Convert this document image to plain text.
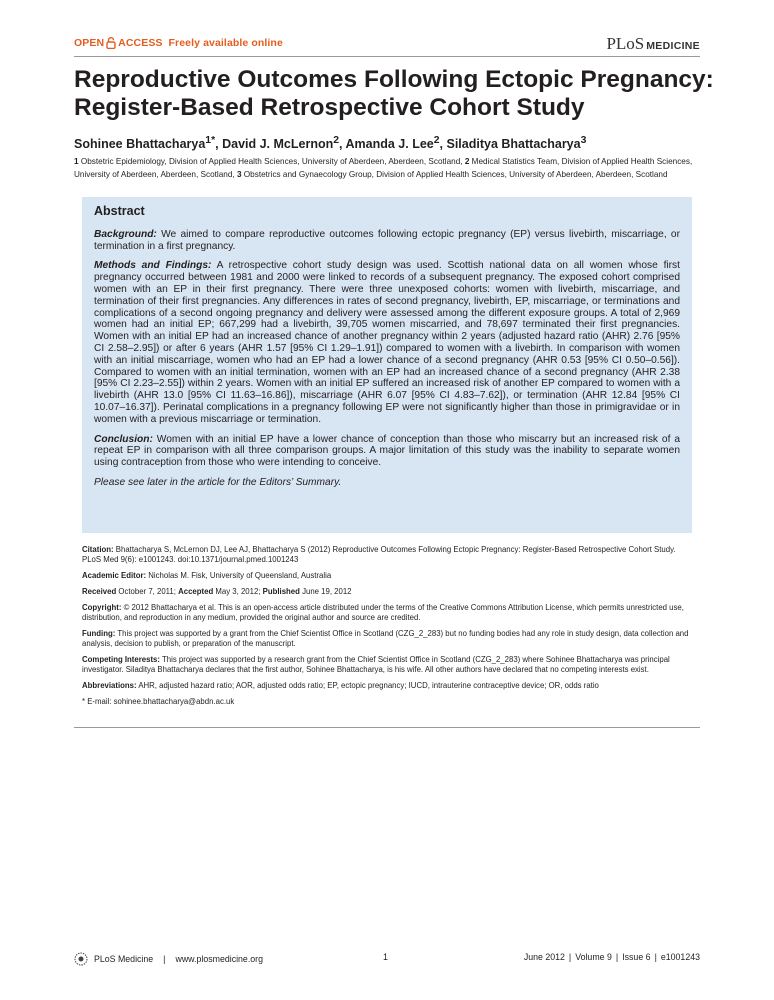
OPEN ACCESS Freely available online	PLoS MEDICINE
Reproductive Outcomes Following Ectopic Pregnancy:
Register-Based Retrospective Cohort Study

Sohinee Bhattacharya$^{1*}$, David J. McLernon$^2$, Amanda J. Lee$^2$, Siladitya Bhattacharya$^3$

1 Obstetric Epidemiology, Division of Applied Health Sciences, University of Aberdeen, Aberdeen, Scotland, 2 Medical Statistics Team, Division of Applied Health Sciences, University of Aberdeen, Aberdeen, Scotland, 3 Obstetrics and Gynaecology Group, Division of Applied Health Sciences, University of Aberdeen, Aberdeen, Scotland

Abstract

Background: We aimed to compare reproductive outcomes following ectopic pregnancy (EP) versus livebirth, miscarriage, or termination in a first pregnancy.

Methods and Findings: A retrospective cohort study design was used. Scottish national data on all women whose first pregnancy occurred between 1981 and 2000 were linked to records of a subsequent pregnancy. The exposed cohort comprised women with an EP in their first pregnancy. There were three unexposed cohorts: women with livebirth, miscarriage, and termination of their first pregnancies. Any differences in rates of second pregnancy, livebirth, EP, miscarriage, or terminations and complications of a second ongoing pregnancy and delivery were assessed among the different exposure groups. A total of 2,969 women had an initial EP; 667,299 had a livebirth, 39,705 women miscarried, and 78,697 terminated their first pregnancies. Women with an initial EP had an increased chance of another pregnancy within 2 years (adjusted hazard ratio (AHR) 2.76 [95% CI 2.58–2.95]) or after 6 years (AHR 1.57 [95% CI 1.29–1.91]) compared to women with a livebirth. In comparison with women with an initial miscarriage, women who had an EP had a lower chance of a second pregnancy (AHR 0.53 [95% CI 0.50–0.56]). Compared to women with an initial termination, women with an EP had an increased chance of a second pregnancy (AHR 2.38 [95% CI 2.23–2.55]) within 2 years. Women with an initial EP suffered an increased risk of another EP compared to women with a livebirth (AHR 13.0 [95% CI 11.63–16.86]), miscarriage (AHR 6.07 [95% CI 4.83–7.62]), or termination (AHR 12.84 [95% CI 10.07–16.37]). Perinatal complications in a pregnancy following EP were not significantly higher than those in primigravidae or in women with a previous miscarriage or termination.

Conclusion: Women with an initial EP have a lower chance of conception than those who miscarry but an increased risk of a repeat EP in comparison with all three comparison groups. A major limitation of this study was the inability to separate women using contraception from those who were intending to conceive.

Please see later in the article for the Editors’ Summary.

Citation: Bhattacharya S, McLernon DJ, Lee AJ, Bhattacharya S (2012) Reproductive Outcomes Following Ectopic Pregnancy: Register-Based Retrospective Cohort Study. PLoS Med 9(6): e1001243. doi:10.1371/journal.pmed.1001243

Academic Editor: Nicholas M. Fisk, University of Queensland, Australia

Received October 7, 2011; Accepted May 3, 2012; Published June 19, 2012

Copyright: © 2012 Bhattacharya et al. This is an open-access article distributed under the terms of the Creative Commons Attribution License, which permits unrestricted use, distribution, and reproduction in any medium, provided the original author and source are credited.

Funding: This project was supported by a grant from the Chief Scientist Office in Scotland (CZG_2_283) but no funding bodies had any role in study design, data collection and analysis, decision to publish, or preparation of the manuscript.

Competing Interests: This project was supported by a research grant from the Chief Scientist Office in Scotland (CZG_2_283) where Sohinee Bhattacharya was principal investigator. Siladitya Bhattacharya declares that the first author, Sohinee Bhattacharya, is his wife. All other authors have declared that no competing interests exist.

Abbreviations: AHR, adjusted hazard ratio; AOR, adjusted odds ratio; EP, ectopic pregnancy; IUCD, intrauterine contraceptive device; OR, odds ratio

* E-mail: sohinee.bhattacharya@abdn.ac.uk

PLoS Medicine | www.plosmedicine.org	1	June 2012 | Volume 9 | Issue 6 | e1001243
